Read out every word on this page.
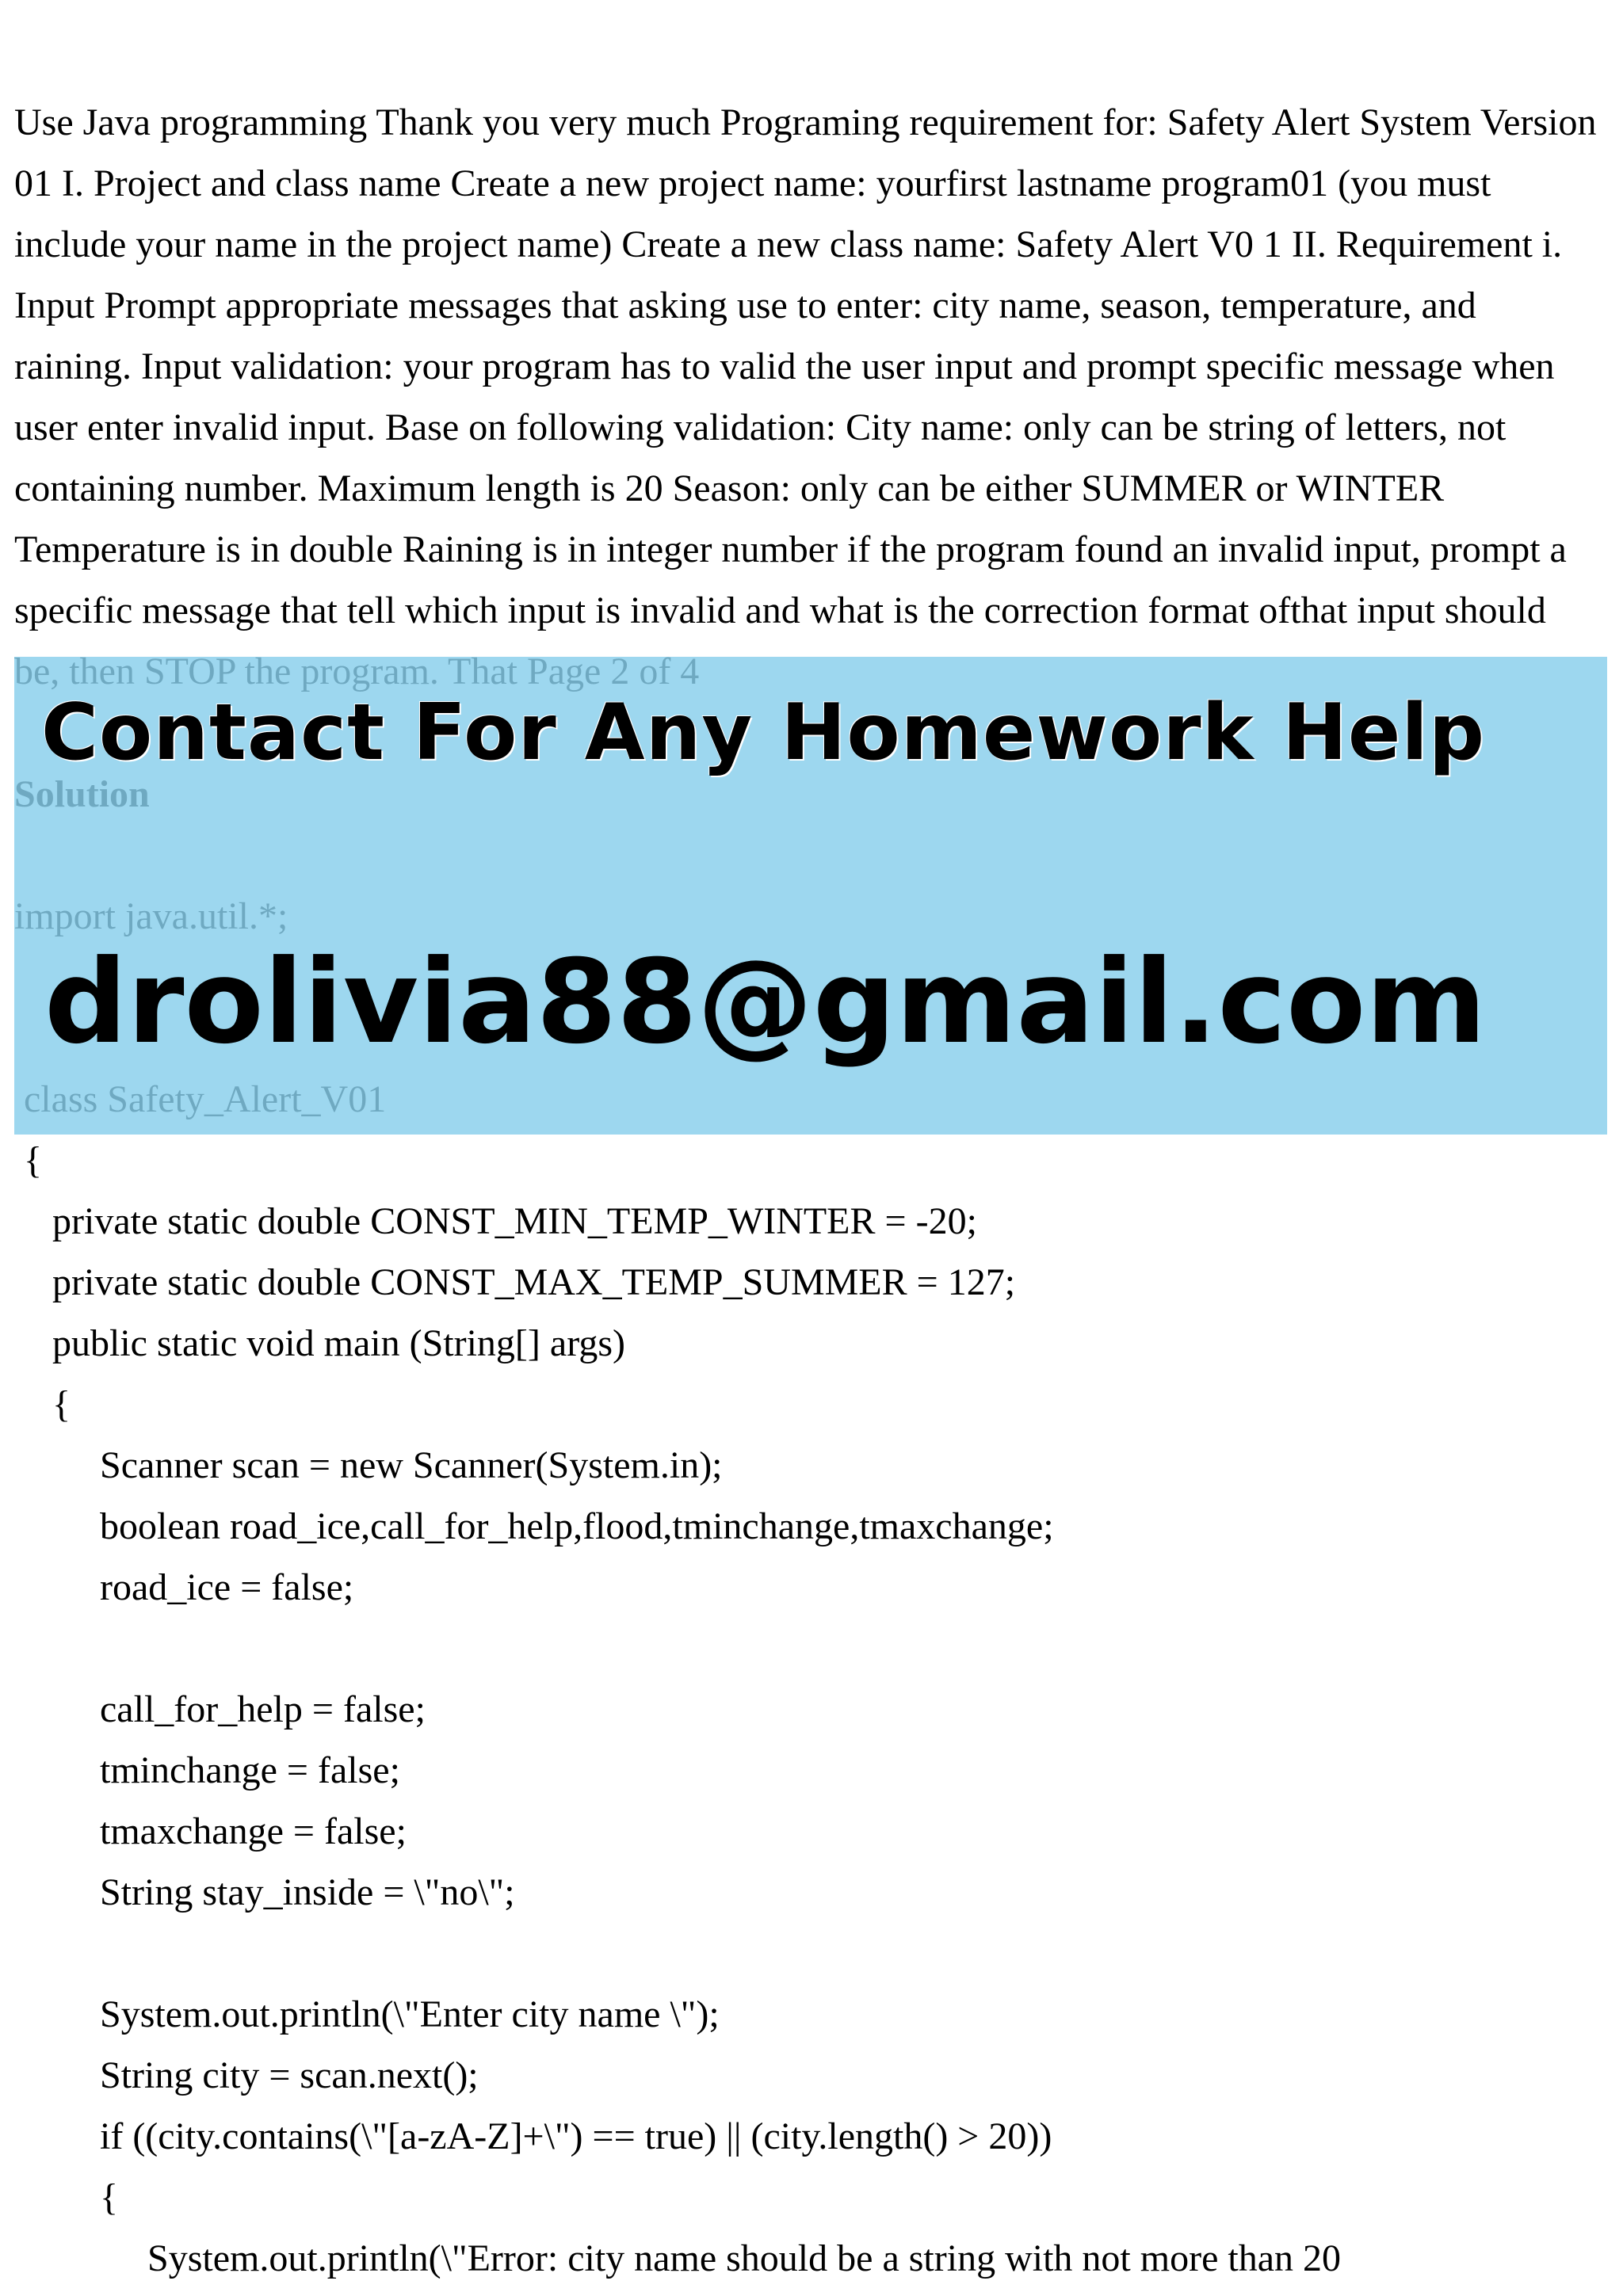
Use Java programming Thank you very much Programing requirement for: Safety Alert System Version 01 I. Project and class name Create a new project name: yourfirst lastname program01 (you must include your name in the project name) Create a new class name: Safety Alert V0 1 II. Requirement i. Input Prompt appropriate messages that asking use to enter: city name, season, temperature, and raining. Input validation: your program has to valid the user input and prompt specific message when user enter invalid input. Base on following validation: City name: only can be string of letters, not containing number. Maximum length is 20 Season: only can be either SUMMER or WINTER Temperature is in double Raining is in integer number if the program found an invalid input, prompt a specific message that tell which input is invalid and what is the correction format ofthat input should

{
private static double CONST_MIN_TEMP_WINTER = -20;
private static double CONST_MAX_TEMP_SUMMER = 127;
public static void main (String[] args)
{
Scanner scan = new Scanner(System.in);
boolean road_ice,call_for_help,flood,tminchange,tmaxchange;
road_ice = false;
call_for_help = false;
tminchange = false;
tmaxchange = false;
String stay_inside = \"no\";
System.out.println(\"Enter city name \");
String city = scan.next();
if ((city.contains(\"[a-zA-Z]+\") == true) || (city.length() > 20))
{
System.out.println(\"Error: city name should be a string with not more than 20

Contact For Any Homework Help

drolivia88@gmail.com
